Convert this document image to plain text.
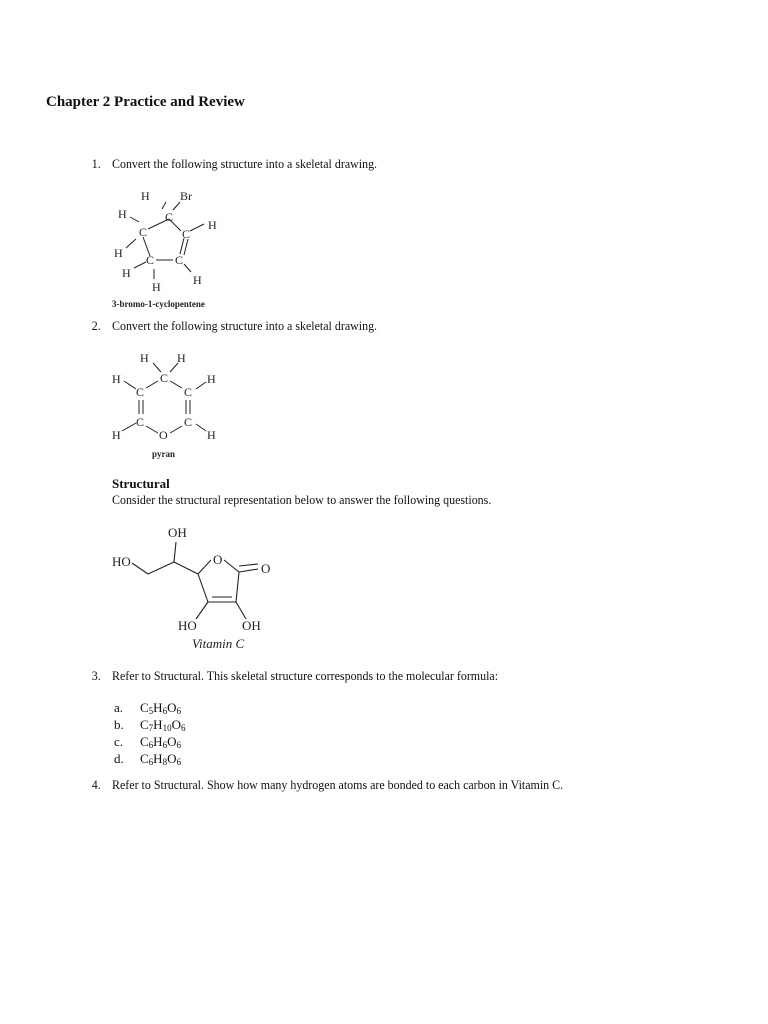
Chapter 2 Practice and Review
1. Convert the following structure into a skeletal drawing.
C
C	C
C C
H	Br
H
H
H
H
H	H
3-bromo-1-cyclopentene
2. Convert the following structure into a skeletal drawing.
C
C	C
C	C
O
H H
H	H
H	H
pyran
Structural
Consider the structural representation below to answer the following questions.
OH
HO	O
O
HO	OH
Vitamin C
3. Refer to Structural. This skeletal structure corresponds to the molecular formula:
a. $C_5H_6O_6$
b. $C_7H_{10}O_6$
c. $C_6H_6O_6$
d. $C_6H_8O_6$
4. Refer to Structural. Show how many hydrogen atoms are bonded to each carbon in Vitamin C.
